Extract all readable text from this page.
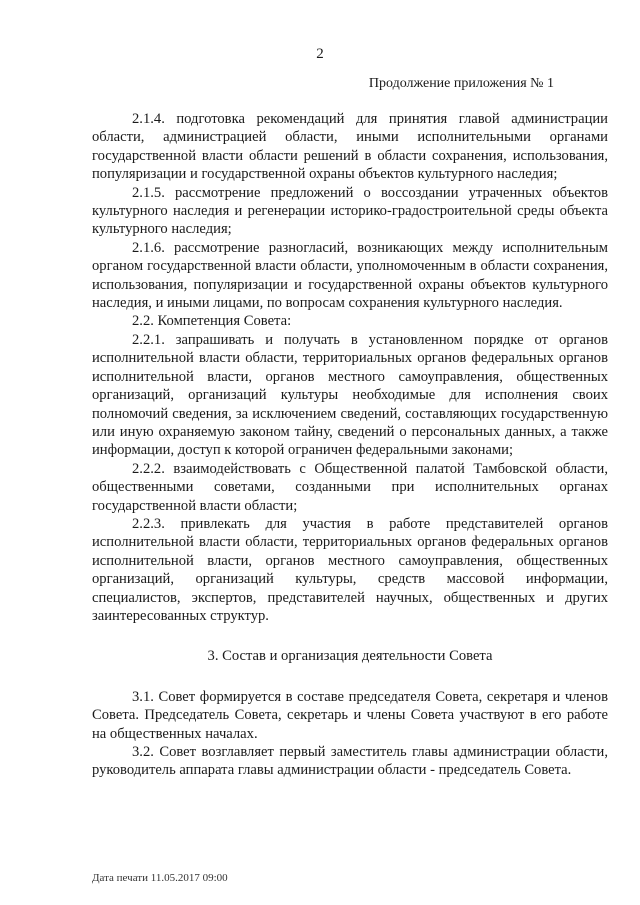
2
Продолжение приложения № 1

2.1.4. подготовка рекомендаций для принятия главой администрации области, администрацией области, иными исполнительными органами государственной власти области решений в области сохранения, использования, популяризации и государственной охраны объектов культурного наследия;

2.1.5. рассмотрение предложений о воссоздании утраченных объектов культурного наследия и регенерации историко-градостроительной среды объекта культурного наследия;

2.1.6. рассмотрение разногласий, возникающих между исполнительным органом государственной власти области, уполномоченным в области сохранения, использования, популяризации и государственной охраны объектов культурного наследия, и иными лицами, по вопросам сохранения культурного наследия.

2.2. Компетенция Совета:

2.2.1. запрашивать и получать в установленном порядке от органов исполнительной власти области, территориальных органов федеральных органов исполнительной власти, органов местного самоуправления, общественных организаций, организаций культуры необходимые для исполнения своих полномочий сведения, за исключением сведений, составляющих государственную или иную охраняемую законом тайну, сведений о персональных данных, а также информации, доступ к которой ограничен федеральными законами;

2.2.2. взаимодействовать с Общественной палатой Тамбовской области, общественными советами, созданными при исполнительных органах государственной власти области;

2.2.3. привлекать для участия в работе представителей органов исполнительной власти области, территориальных органов федеральных органов исполнительной власти, органов местного самоуправления, общественных организаций, организаций культуры, средств массовой информации, специалистов, экспертов, представителей научных, общественных и других заинтересованных структур.

3. Состав и организация деятельности Совета

3.1. Совет формируется в составе председателя Совета, секретаря и членов Совета. Председатель Совета, секретарь и члены Совета участвуют в его работе на общественных началах.

3.2. Совет возглавляет первый заместитель главы администрации области, руководитель аппарата главы администрации области - председатель Совета.

Дата печати 11.05.2017 09:00
